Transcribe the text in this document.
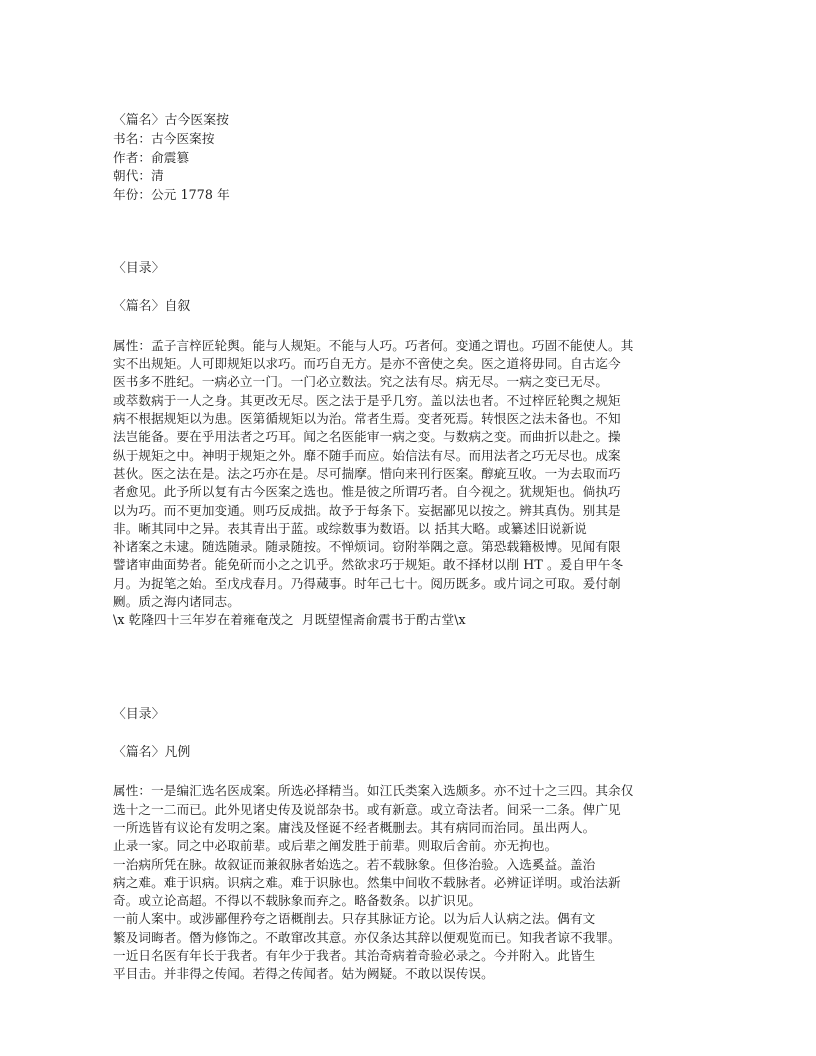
〈篇名〉古今医案按
书名：古今医案按
作者：俞震篡
朝代：清
年份：公元 1778 年
〈目录〉
〈篇名〉自叙
属性：孟子言梓匠轮舆。能与人规矩。不能与人巧。巧者何。变通之谓也。巧固不能使人。其
实不出规矩。人可即规矩以求巧。而巧自无方。是亦不啻使之矣。医之道将毋同。自古迄今
医书多不胜纪。一病必立一门。一门必立数法。究之法有尽。病无尽。一病之变已无尽。
或萃数病于一人之身。其更改无尽。医之法于是乎几穷。盖以法也者。不过梓匠轮舆之规矩
病不根据规矩以为患。医第循规矩以为治。常者生焉。变者死焉。转恨医之法未备也。不知
法岂能备。要在乎用法者之巧耳。闻之名医能审一病之变。与数病之变。而曲折以赴之。操
纵于规矩之中。神明于规矩之外。靡不随手而应。始信法有尽。而用法者之巧无尽也。成案
甚伙。医之法在是。法之巧亦在是。尽可揣摩。惜向来刊行医案。醇疵互收。一为去取而巧
者愈见。此予所以复有古今医案之选也。惟是彼之所谓巧者。自今视之。犹规矩也。倘执巧
以为巧。而不更加变通。则巧反成拙。故予于每条下。妄据鄙见以按之。辨其真伪。别其是
非。晰其同中之异。表其青出于蓝。或综数事为数语。以 括其大略。或纂述旧说新说
补诸案之未逮。随选随录。随录随按。不惮烦词。窃附举隅之意。第恐载籍极博。见闻有限
譬诸审曲面势者。能免斫而小之之讥乎。然欲求巧于规矩。敢不择材以削 HT 。爰自甲午冬
月。为捉笔之始。至戊戌春月。乃得蒇事。时年己七十。阅历既多。或片词之可取。爰付剞
劂。质之海内诸同志。
\x 乾隆四十三年岁在着雍奄茂之  月既望惺斋俞震书于酌古堂\x
〈目录〉
〈篇名〉凡例
属性：一是编汇选名医成案。所选必择精当。如江氏类案入选颇多。亦不过十之三四。其余仅
选十之一二而已。此外见诸史传及说部杂书。或有新意。或立奇法者。间采一二条。俾广见
一所选皆有议论有发明之案。庸浅及怪诞不经者概删去。其有病同而治同。虽出两人。
止录一家。同之中必取前辈。或后辈之阐发胜于前辈。则取后舍前。亦无拘也。
一治病所凭在脉。故叙证而兼叙脉者始选之。若不载脉象。但侈治验。入选奚益。盖治
病之难。难于识病。识病之难。难于识脉也。然集中间收不载脉者。必辨证详明。或治法新
奇。或立论高超。不得以不载脉象而弃之。略备数条。以扩识见。
一前人案中。或涉鄙俚矜夸之语概削去。只存其脉证方论。以为后人认病之法。偶有文
繁及词晦者。僭为修饰之。不敢窜改其意。亦仅条达其辞以便观览而已。知我者谅不我罪。
一近日名医有年长于我者。有年少于我者。其治奇病着奇验必录之。今并附入。此皆生
平目击。并非得之传闻。若得之传闻者。姑为阙疑。不敢以误传误。
